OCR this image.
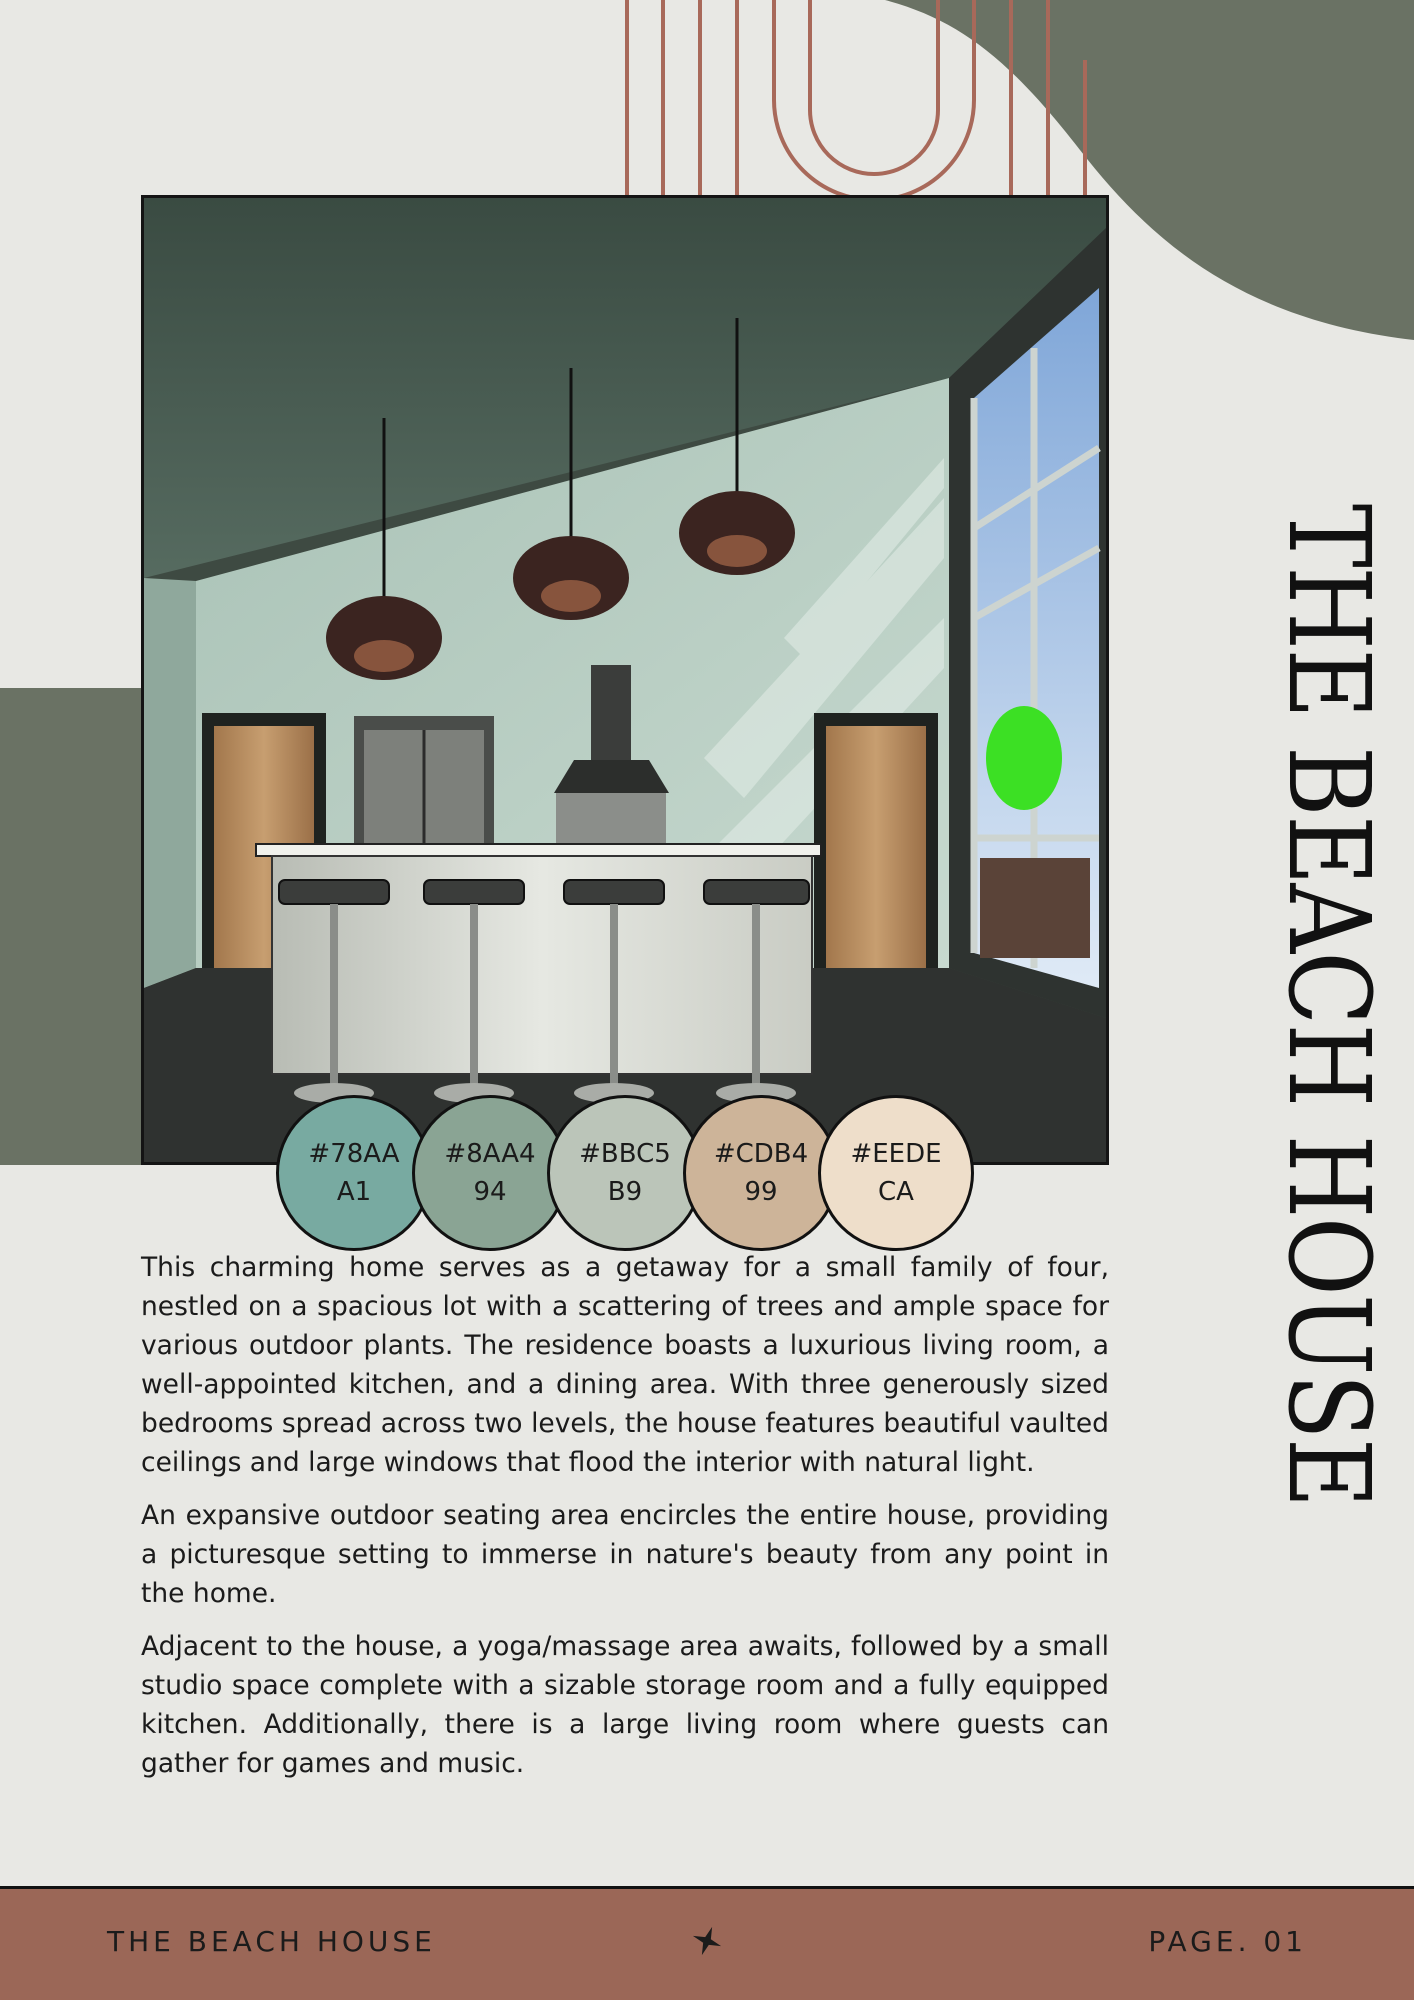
#78AA
A1
#8AA4
94
#BBC5
B9
#CDB4
99
#EEDE
CA

This charming home serves as a getaway for a small family of four, nestled on a spacious lot with a scattering of trees and ample space for various outdoor plants. The residence boasts a luxurious living room, a well-appointed kitchen, and a dining area. With three generously sized bedrooms spread across two levels, the house features beautiful vaulted ceilings and large windows that flood the interior with natural light.

An expansive outdoor seating area encircles the entire house, providing a picturesque setting to immerse in nature's beauty from any point in the home.

Adjacent to the house, a yoga/massage area awaits, followed by a small studio space complete with a sizable storage room and a fully equipped kitchen. Additionally, there is a large living room where guests can gather for games and music.

THE BEACH HOUSE
THE BEACH HOUSE	PAGE. 01
